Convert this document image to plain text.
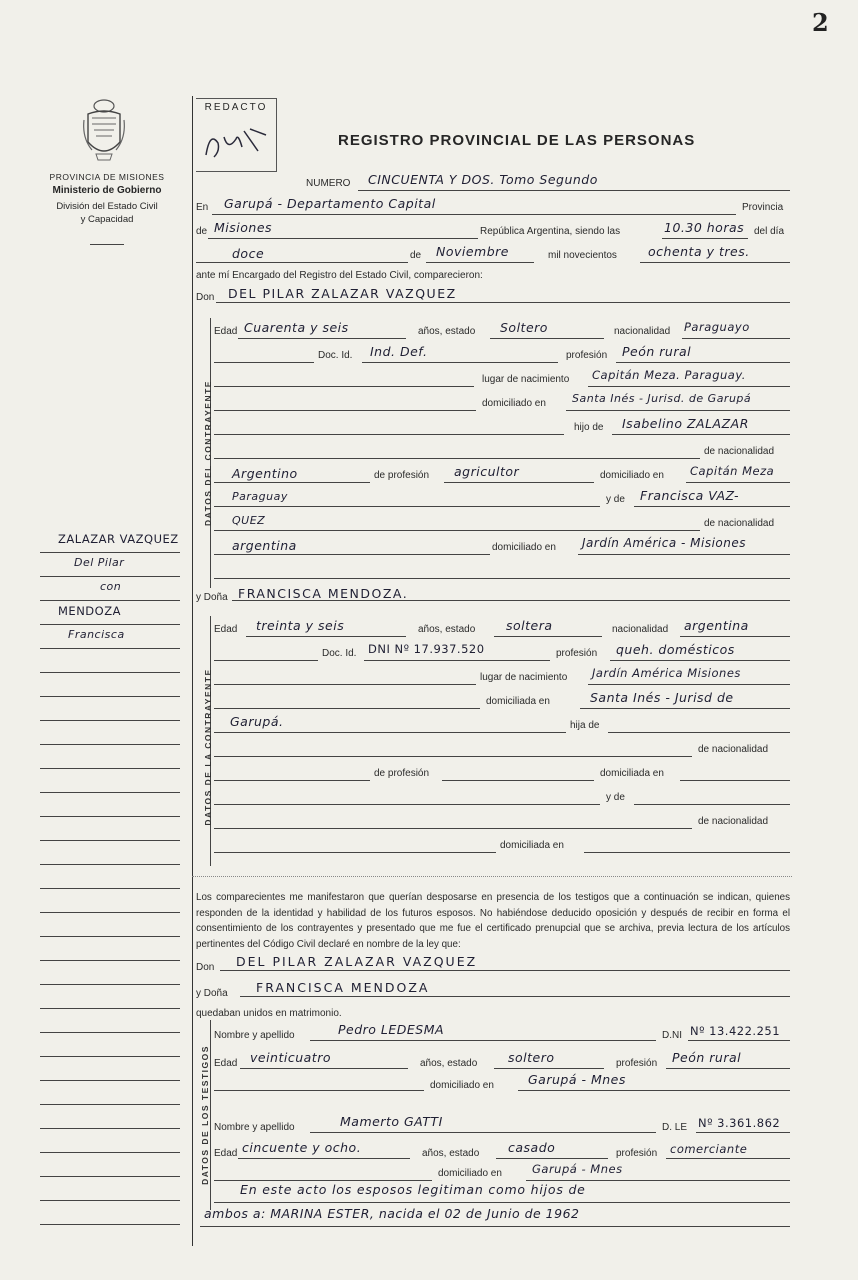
2
PROVINCIA DE MISIONES
Ministerio de Gobierno
División del Estado Civil
y Capacidad
ZALAZAR VAZQUEZ
Del Pilar
con
MENDOZA
Francisca
REDACTO
REGISTRO PROVINCIAL DE LAS PERSONAS
NUMERO CINCUENTA Y DOS. Tomo Segundo
En Garupá - Departamento Capital	Provincia
de Misiones	República Argentina, siendo las	10.30 horas del día
doce	de Noviembre	mil novecientos ochenta y tres.
ante mí Encargado del Registro del Estado Civil, comparecieron:
Don DEL PILAR ZALAZAR VAZQUEZ
DATOS DEL CONTRAYENTE
Edad Cuarenta y seis	años, estado Soltero	nacionalidad Paraguayo
Doc. Id. Ind. Def.	profesión Peón rural
lugar de nacimiento Capitán Meza. Paraguay.
domiciliado en Santa Inés - Jurisd. de Garupá
hijo de Isabelino ZALAZAR
de nacionalidad
Argentino	de profesión agricultor	domiciliado en Capitán Meza
Paraguay	y de Francisca VAZ-
QUEZ	de nacionalidad
argentina	domiciliado en Jardín América - Misiones
y Doña FRANCISCA MENDOZA.
DATOS DE LA CONTRAYENTE
Edad treinta y seis	años, estado soltera	nacionalidad argentina
Doc. Id. DNI Nº 17.937.520	profesión queh. domésticos
lugar de nacimiento Jardín América Misiones
domiciliada en	Santa Inés - Jurisd de
Garupá.	hija de
de nacionalidad
de profesión	domiciliada en
y de
de nacionalidad
domiciliada en
Los comparecientes me manifestaron que querían desposarse en presencia de los testigos que a continuación se indican, quienes responden de la identidad y habilidad de los futuros esposos. No habiéndose deducido oposición y después de recibir en forma el consentimiento de los contrayentes y presentado que me fue el certificado prenupcial que se archiva, previa lectura de los artículos pertinentes del Código Civil declaré en nombre de la ley que:
Don DEL PILAR ZALAZAR VAZQUEZ
y Doña FRANCISCA MENDOZA
quedaban unidos en matrimonio.
DATOS DE LOS TESTIGOS
Nombre y apellido	Pedro LEDESMA	D.NI Nº 13.422.251
Edad veinticuatro	años, estado soltero	profesión Peón rural
domiciliado en	Garupá - Mnes
Nombre y apellido	Mamerto GATTI	D. LE Nº 3.361.862
Edad cincuente y ocho.	años, estado casado	profesión comerciante
domiciliado en	Garupá - Mnes
En este acto los esposos legitiman como hijos de
ambos a: MARINA ESTER, nacida el 02 de Junio de 1962
